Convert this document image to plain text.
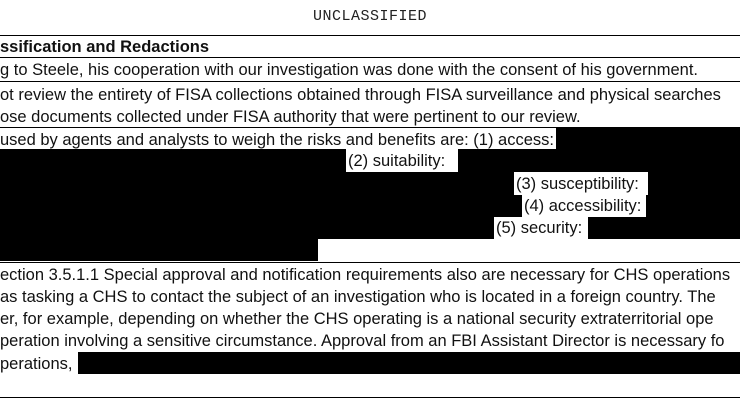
UNCLASSIFIED
ssification and Redactions
g to Steele, his cooperation with our investigation was done with the consent of his government.
ot review the entirety of FISA collections obtained through FISA surveillance and physical searches
ose documents collected under FISA authority that were pertinent to our review.
used by agents and analysts to weigh the risks and benefits are: (1) access:
(2) suitability:
(3) susceptibility:
(4) accessibility:
(5) security:
ection 3.5.1.1 Special approval and notification requirements also are necessary for CHS operations
as tasking a CHS to contact the subject of an investigation who is located in a foreign country. The
er, for example, depending on whether the CHS operating is a national security extraterritorial ope
peration involving a sensitive circumstance. Approval from an FBI Assistant Director is necessary fo
perations,
